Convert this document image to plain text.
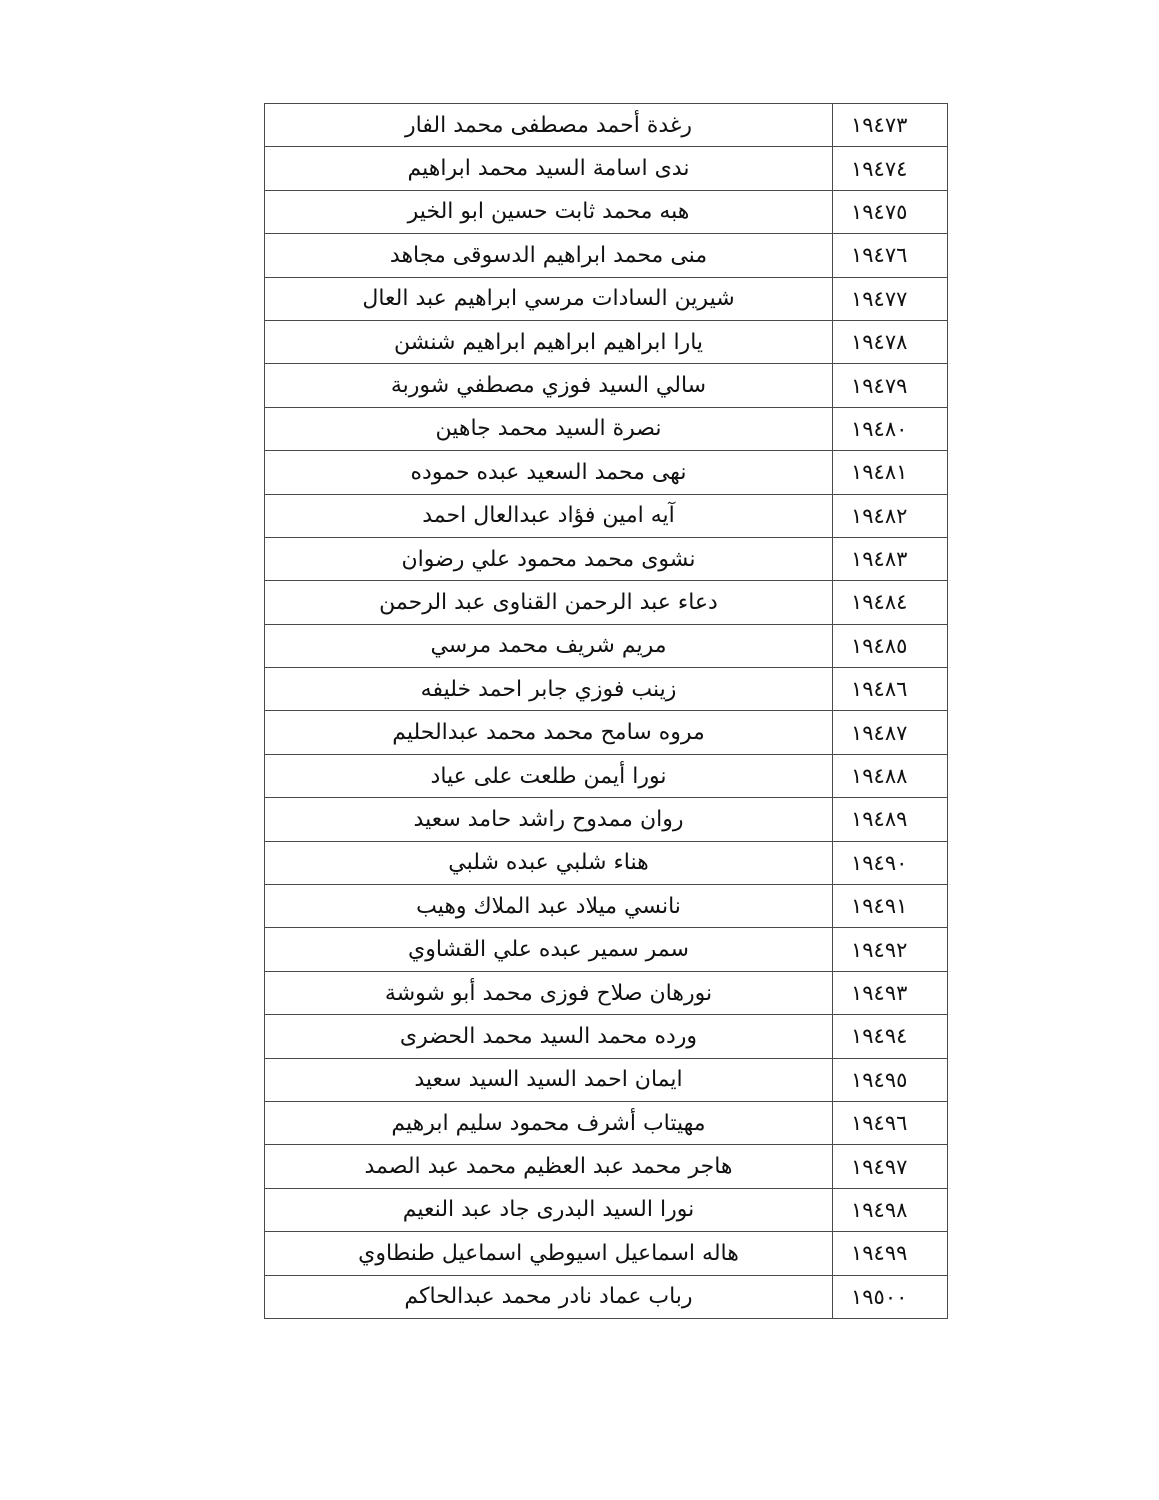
١٩٤٧٣	رغدة أحمد مصطفى محمد الفار
١٩٤٧٤	ندى اسامة السيد محمد ابراهيم
١٩٤٧٥	هبه محمد ثابت حسين ابو الخير
١٩٤٧٦	منى محمد ابراهيم الدسوقى مجاهد
١٩٤٧٧	شيرين السادات مرسي ابراهيم عبد العال
١٩٤٧٨	يارا ابراهيم ابراهيم ابراهيم شنشن
١٩٤٧٩	سالي السيد فوزي مصطفي شوربة
١٩٤٨٠	نصرة السيد محمد جاهين
١٩٤٨١	نهى محمد السعيد عبده حموده
١٩٤٨٢	آيه امين فؤاد عبدالعال احمد
١٩٤٨٣	نشوى محمد محمود علي رضوان
١٩٤٨٤	دعاء عبد الرحمن القناوى عبد الرحمن
١٩٤٨٥	مريم شريف محمد مرسي
١٩٤٨٦	زينب فوزي جابر احمد خليفه
١٩٤٨٧	مروه سامح محمد محمد عبدالحليم
١٩٤٨٨	نورا أيمن طلعت على عياد
١٩٤٨٩	روان ممدوح راشد حامد سعيد
١٩٤٩٠	هناء شلبي عبده شلبي
١٩٤٩١	نانسي ميلاد عبد الملاك وهيب
١٩٤٩٢	سمر سمير عبده علي القشاوي
١٩٤٩٣	نورهان صلاح فوزى محمد أبو شوشة
١٩٤٩٤	ورده محمد السيد محمد الحضرى
١٩٤٩٥	ايمان احمد السيد السيد سعيد
١٩٤٩٦	مهيتاب أشرف محمود سليم ابرهيم
١٩٤٩٧	هاجر محمد عبد العظيم محمد عبد الصمد
١٩٤٩٨	نورا السيد البدرى جاد عبد النعيم
١٩٤٩٩	هاله اسماعيل اسيوطي اسماعيل طنطاوي
١٩٥٠٠	رباب عماد نادر محمد عبدالحاكم
